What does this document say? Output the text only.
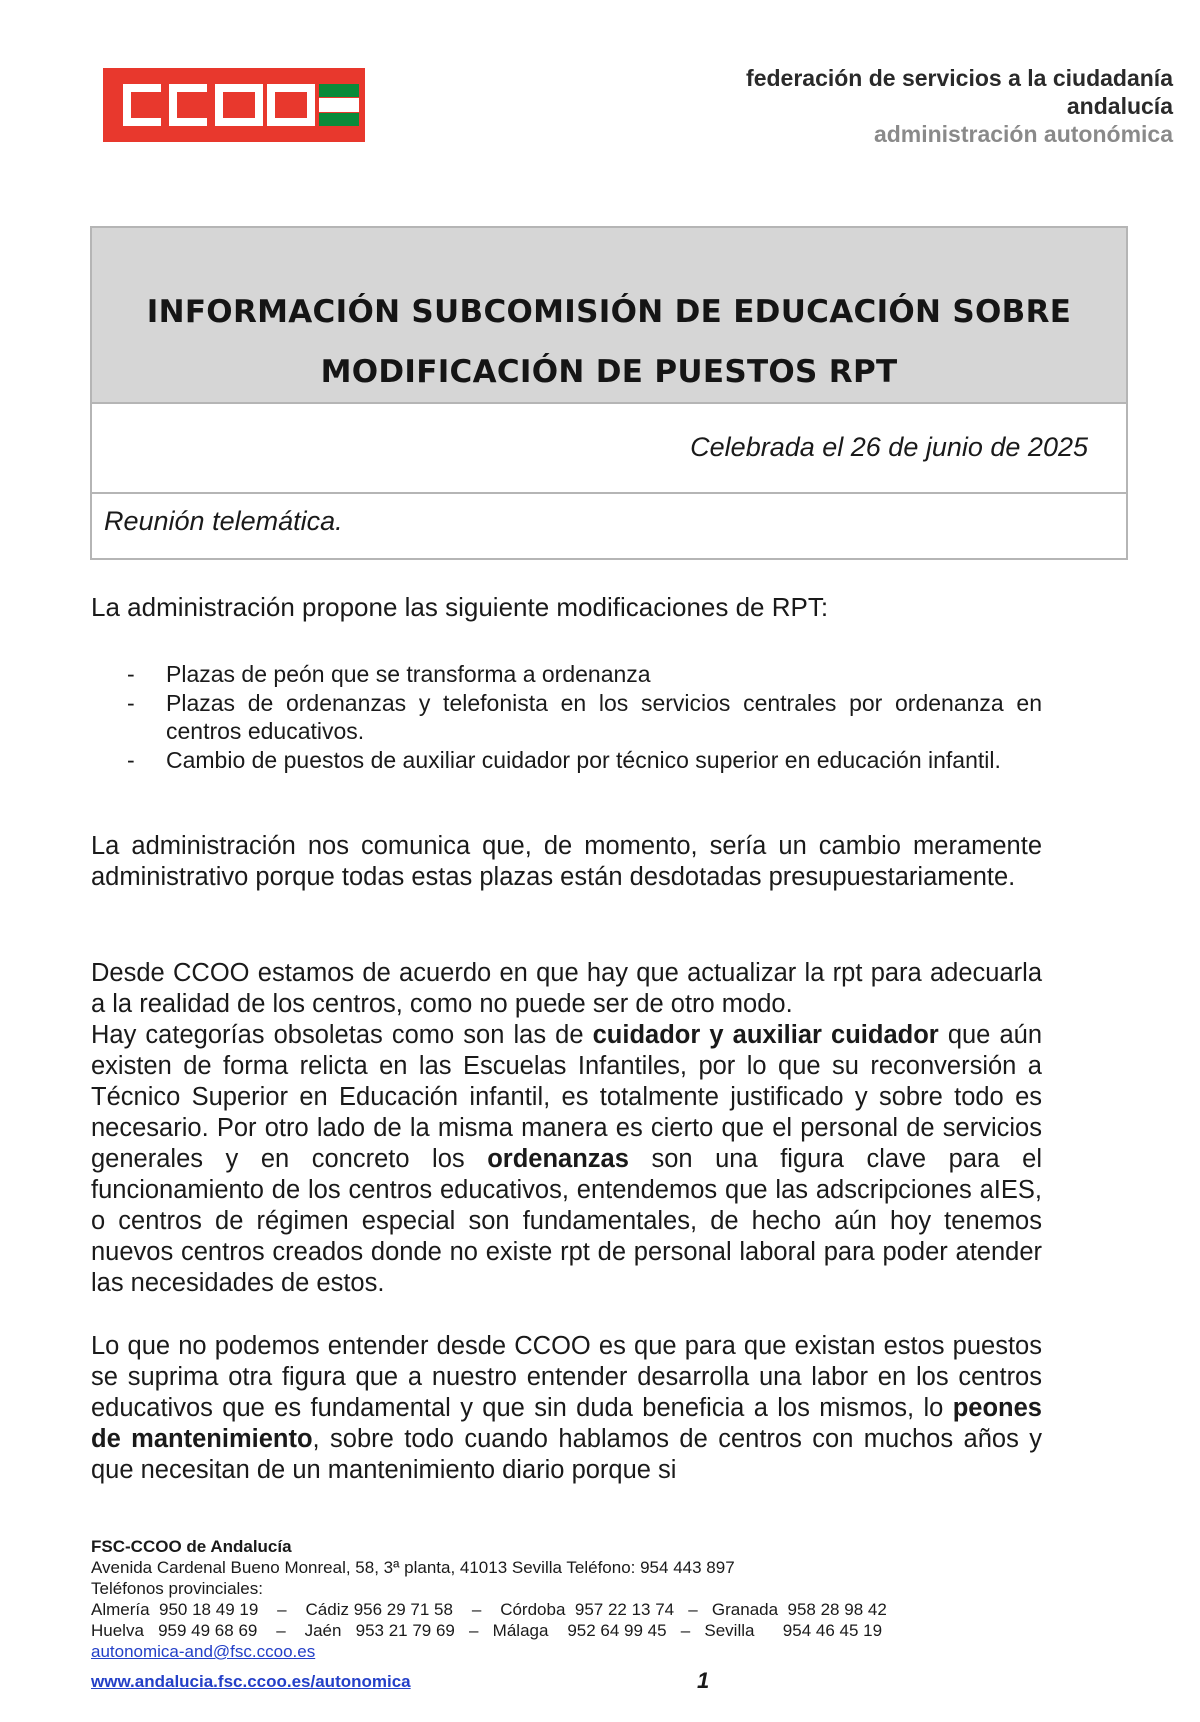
federación de servicios a la ciudadanía
andalucía
administración autonómica
INFORMACIÓN SUBCOMISIÓN DE EDUCACIÓN SOBRE
MODIFICACIÓN DE PUESTOS RPT
Celebrada el 26 de junio de 2025
Reunión telemática.

La administración propone las siguiente modificaciones de RPT:

- Plazas de peón que se transforma a ordenanza
- Plazas de ordenanzas y telefonista en los servicios centrales por ordenanza en centros educativos.
- Cambio de puestos de auxiliar cuidador por técnico superior en educación infantil.

La administración nos comunica que, de momento, sería un cambio meramente administrativo porque todas estas plazas están desdotadas presupuestariamente.

Desde CCOO estamos de acuerdo en que hay que actualizar la rpt para adecuarla a la realidad de los centros, como no puede ser de otro modo.

Hay categorías obsoletas como son las de cuidador y auxiliar cuidador que aún existen de forma relicta en las Escuelas Infantiles, por lo que su reconversión a Técnico Superior en Educación infantil, es totalmente justificado y sobre todo es necesario. Por otro lado de la misma manera es cierto que el personal de servicios generales y en concreto los ordenanzas son una figura clave para el funcionamiento de los centros educativos, entendemos que las adscripciones aIES, o centros de régimen especial son fundamentales, de hecho aún hoy tenemos nuevos centros creados donde no existe rpt de personal laboral para poder atender las necesidades de estos.

Lo que no podemos entender desde CCOO es que para que existan estos puestos se suprima otra figura que a nuestro entender desarrolla una labor en los centros educativos que es fundamental y que sin duda beneficia a los mismos, lo peones de mantenimiento, sobre todo cuando hablamos de centros con muchos años y que necesitan de un mantenimiento diario porque si

FSC-CCOO de Andalucía
Avenida Cardenal Bueno Monreal, 58, 3ª planta, 41013 Sevilla Teléfono: 954 443 897
Teléfonos provinciales:
Almería  950 18 49 19    –    Cádiz 956 29 71 58    –    Córdoba  957 22 13 74   –   Granada  958 28 98 42
Huelva   959 49 68 69    –    Jaén   953 21 79 69   –   Málaga    952 64 99 45   –   Sevilla      954 46 45 19
autonomica-and@fsc.ccoo.es
www.andalucia.fsc.ccoo.es/autonomica	1
